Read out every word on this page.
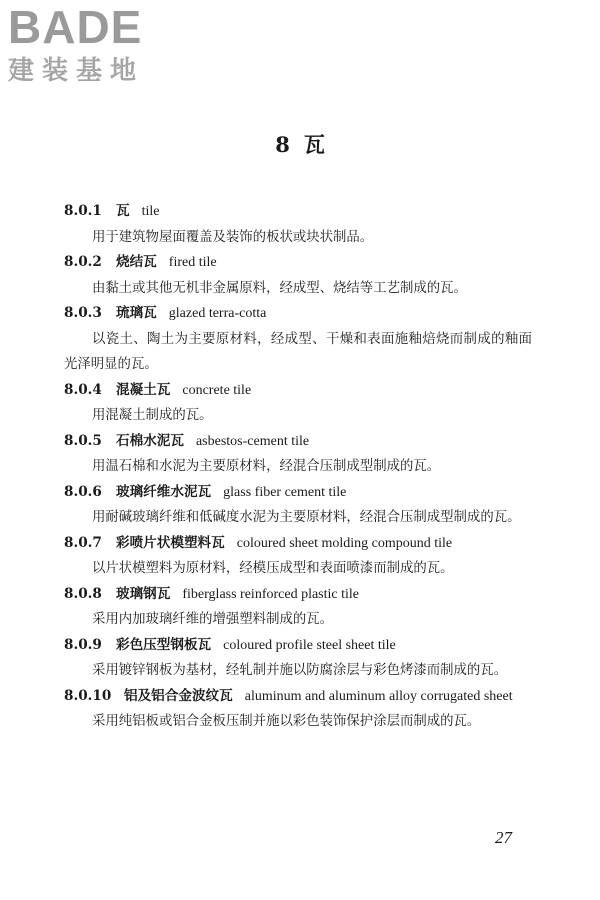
BADE
建装基地
8 瓦
8.0.1 瓦 tile
用于建筑物屋面覆盖及装饰的板状或块状制品。
8.0.2 烧结瓦 fired tile
由黏土或其他无机非金属原料，经成型、烧结等工艺制成的瓦。
8.0.3 琉璃瓦 glazed terra-cotta
以瓷土、陶土为主要原材料，经成型、干燥和表面施釉焙烧而制成的釉面光泽明显的瓦。
8.0.4 混凝土瓦 concrete tile
用混凝土制成的瓦。
8.0.5 石棉水泥瓦 asbestos-cement tile
用温石棉和水泥为主要原材料，经混合压制成型制成的瓦。
8.0.6 玻璃纤维水泥瓦 glass fiber cement tile
用耐碱玻璃纤维和低碱度水泥为主要原材料，经混合压制成型制成的瓦。
8.0.7 彩喷片状模塑料瓦 coloured sheet molding compound tile
以片状模塑料为原材料，经模压成型和表面喷漆而制成的瓦。
8.0.8 玻璃钢瓦 fiberglass reinforced plastic tile
采用内加玻璃纤维的增强塑料制成的瓦。
8.0.9 彩色压型钢板瓦 coloured profile steel sheet tile
采用镀锌钢板为基材，经轧制并施以防腐涂层与彩色烤漆而制成的瓦。
8.0.10 铝及铝合金波纹瓦 aluminum and aluminum alloy corrugated sheet
采用纯铝板或铝合金板压制并施以彩色装饰保护涂层而制成的瓦。
27
